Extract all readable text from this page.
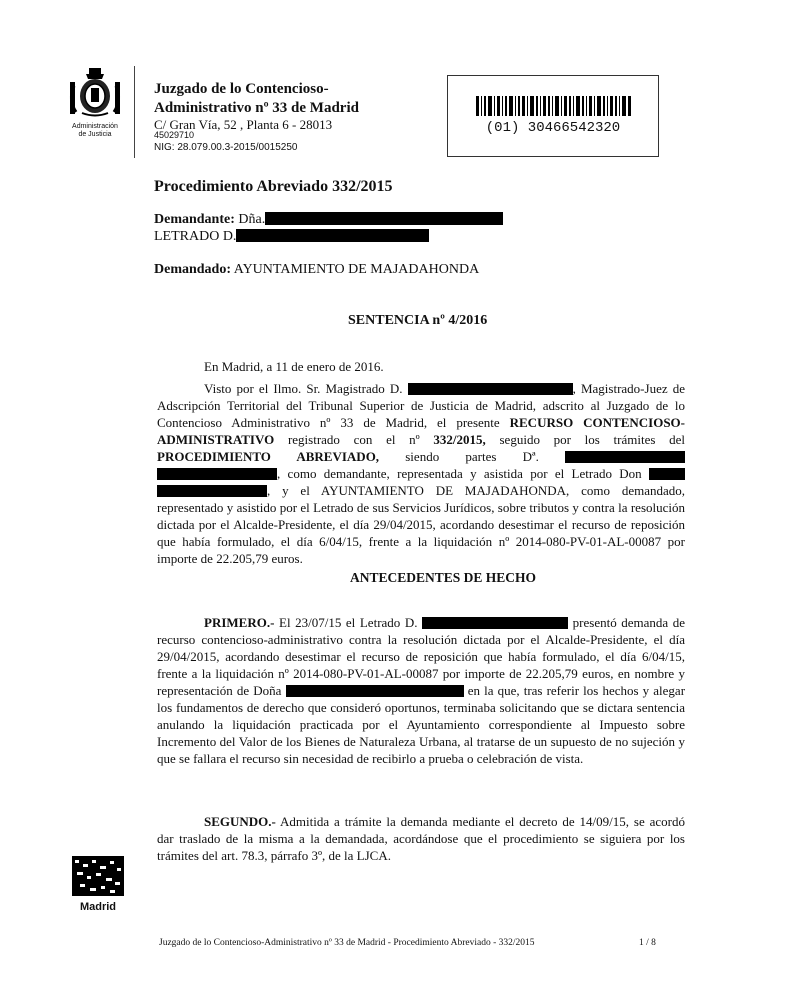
Administración
de Justicia
Juzgado de lo Contencioso-
Administrativo nº 33 de Madrid
C/ Gran Vía, 52 , Planta 6 - 28013
45029710
NIG: 28.079.00.3-2015/0015250
(01) 30466542320
Procedimiento Abreviado 332/2015
Demandante: Dña.
LETRADO D.
Demandado: AYUNTAMIENTO DE MAJADAHONDA
SENTENCIA nº 4/2016
En Madrid, a 11 de enero de 2016.
Visto por el Ilmo. Sr. Magistrado D.	, Magistrado-Juez de Adscripción Territorial del Tribunal Superior de Justicia de Madrid, adscrito al Juzgado de lo Contencioso Administrativo nº 33 de Madrid, el presente RECURSO CONTENCIOSO-ADMINISTRATIVO registrado con el nº 332/2015, seguido por los trámites del PROCEDIMIENTO ABREVIADO, siendo partes Dª.  , como demandante, representada y asistida por el Letrado Don  , y el AYUNTAMIENTO DE MAJADAHONDA, como demandado, representado y asistido por el Letrado de sus Servicios Jurídicos, sobre tributos y contra la resolución dictada por el Alcalde-Presidente, el día 29/04/2015, acordando desestimar el recurso de reposición que había formulado, el día 6/04/15, frente a la liquidación nº 2014-080-PV-01-AL-00087 por importe de 22.205,79 euros.
ANTECEDENTES DE HECHO
PRIMERO.- El 23/07/15 el Letrado D.	presentó demanda de recurso contencioso-administrativo contra la resolución dictada por el Alcalde-Presidente, el día 29/04/2015, acordando desestimar el recurso de reposición que había formulado, el día 6/04/15, frente a la liquidación nº 2014-080-PV-01-AL-00087 por importe de 22.205,79 euros, en nombre y representación de Doña	en la que, tras referir los hechos y alegar los fundamentos de derecho que consideró oportunos, terminaba solicitando que se dictara sentencia anulando la liquidación practicada por el Ayuntamiento correspondiente al Impuesto sobre Incremento del Valor de los Bienes de Naturaleza Urbana, al tratarse de un supuesto de no sujeción y que se fallara el recurso sin necesidad de recibirlo a prueba o celebración de vista.
SEGUNDO.- Admitida a trámite la demanda mediante el decreto de 14/09/15, se acordó dar traslado de la misma a la demandada, acordándose que el procedimiento se siguiera por los trámites del art. 78.3, párrafo 3º, de la LJCA.
Madrid
Juzgado de lo Contencioso-Administrativo nº 33 de Madrid - Procedimiento Abreviado - 332/2015	1 / 8
